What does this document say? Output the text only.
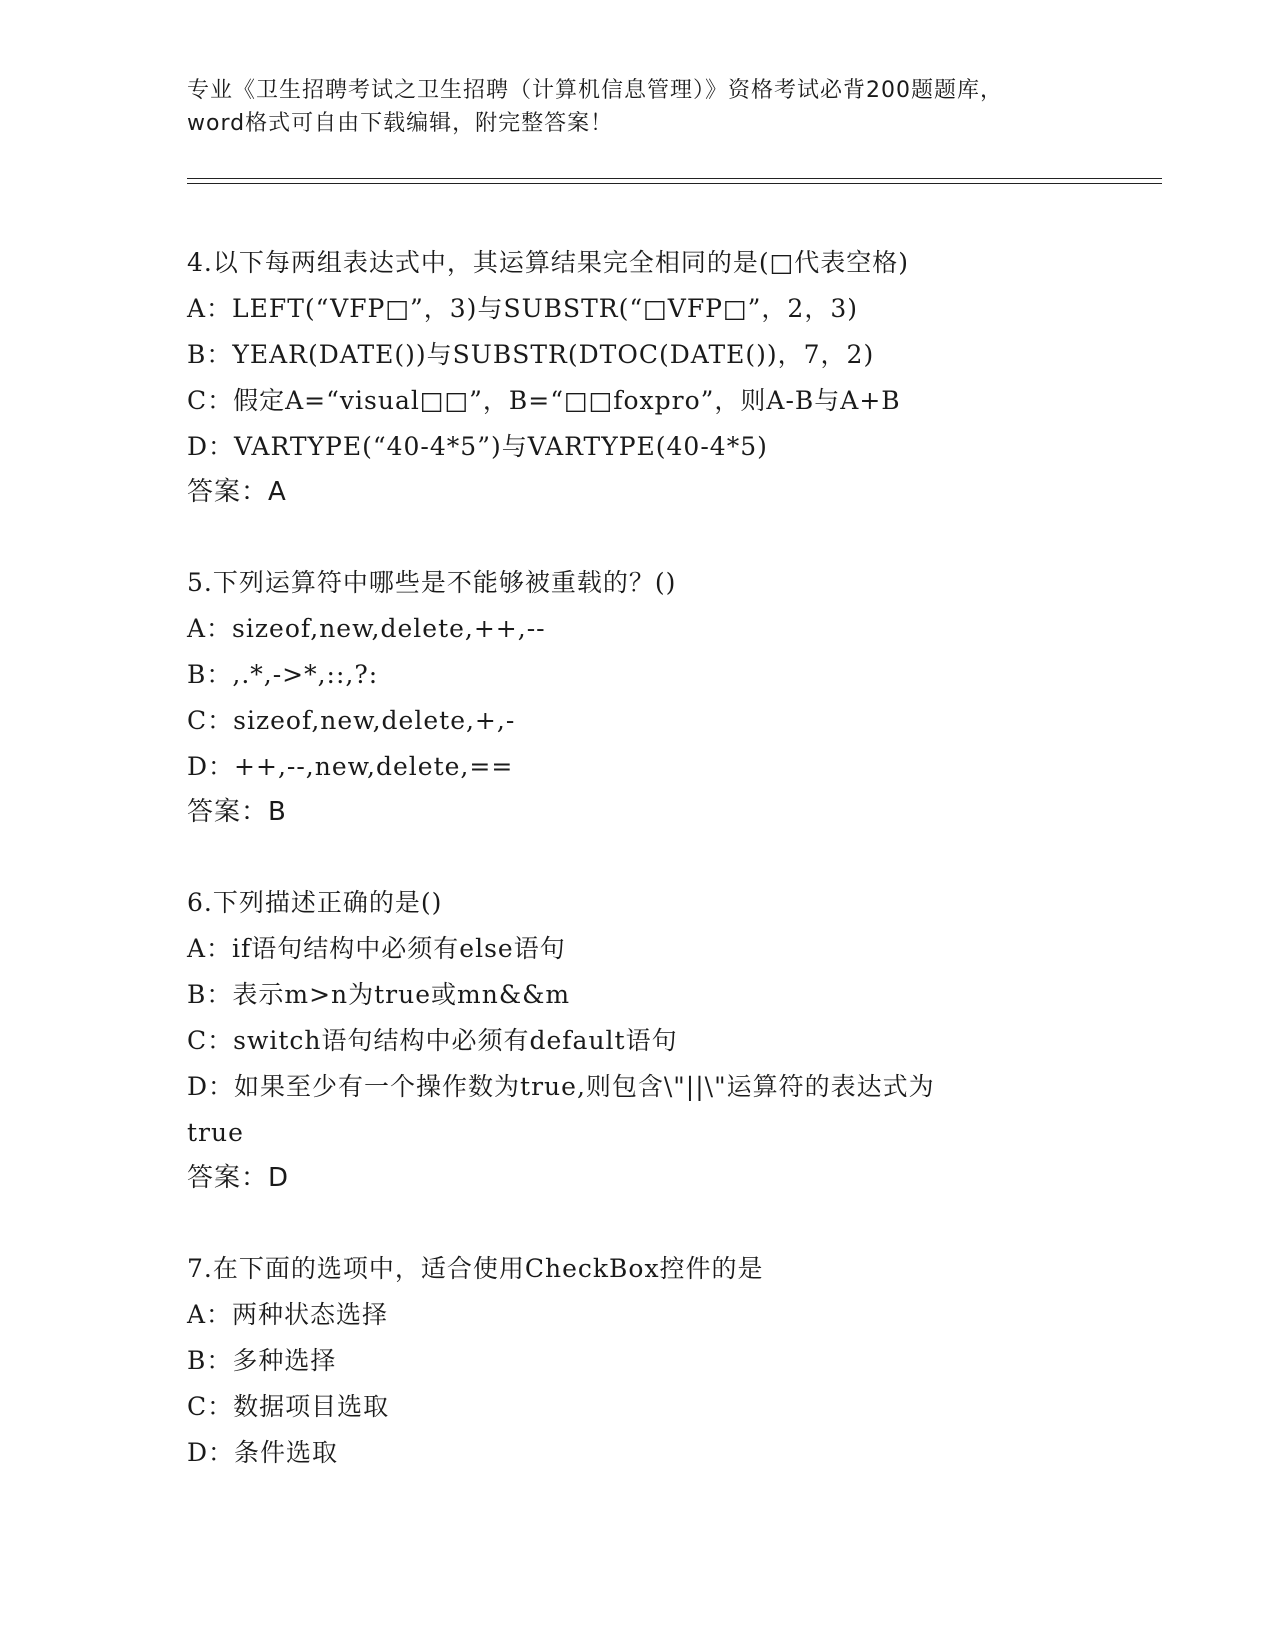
专业《卫生招聘考试之卫生招聘（计算机信息管理）》资格考试必背200题题库，
word格式可自由下载编辑，附完整答案！
4.以下每两组表达式中，其运算结果完全相同的是(□代表空格)
A：LEFT(“VFP□”，3)与SUBSTR(“□VFP□”，2，3)
B：YEAR(DATE())与SUBSTR(DTOC(DATE())，7，2)
C：假定A=“visual□□”，B=“□□foxpro”，则A-B与A+B
D：VARTYPE(“40-4*5”)与VARTYPE(40-4*5)
答案：A
5.下列运算符中哪些是不能够被重载的？()
A：sizeof,new,delete,++,--
B：,.*,->*,::,?:
C：sizeof,new,delete,+,-
D：++,--,new,delete,==
答案：B
6.下列描述正确的是()
A：if语句结构中必须有else语句
B：表示m>n为true或mn&&m
C：switch语句结构中必须有default语句
D：如果至少有一个操作数为true,则包含\"||\"运算符的表达式为
true
答案：D
7.在下面的选项中，适合使用CheckBox控件的是
A：两种状态选择
B：多种选择
C：数据项目选取
D：条件选取
